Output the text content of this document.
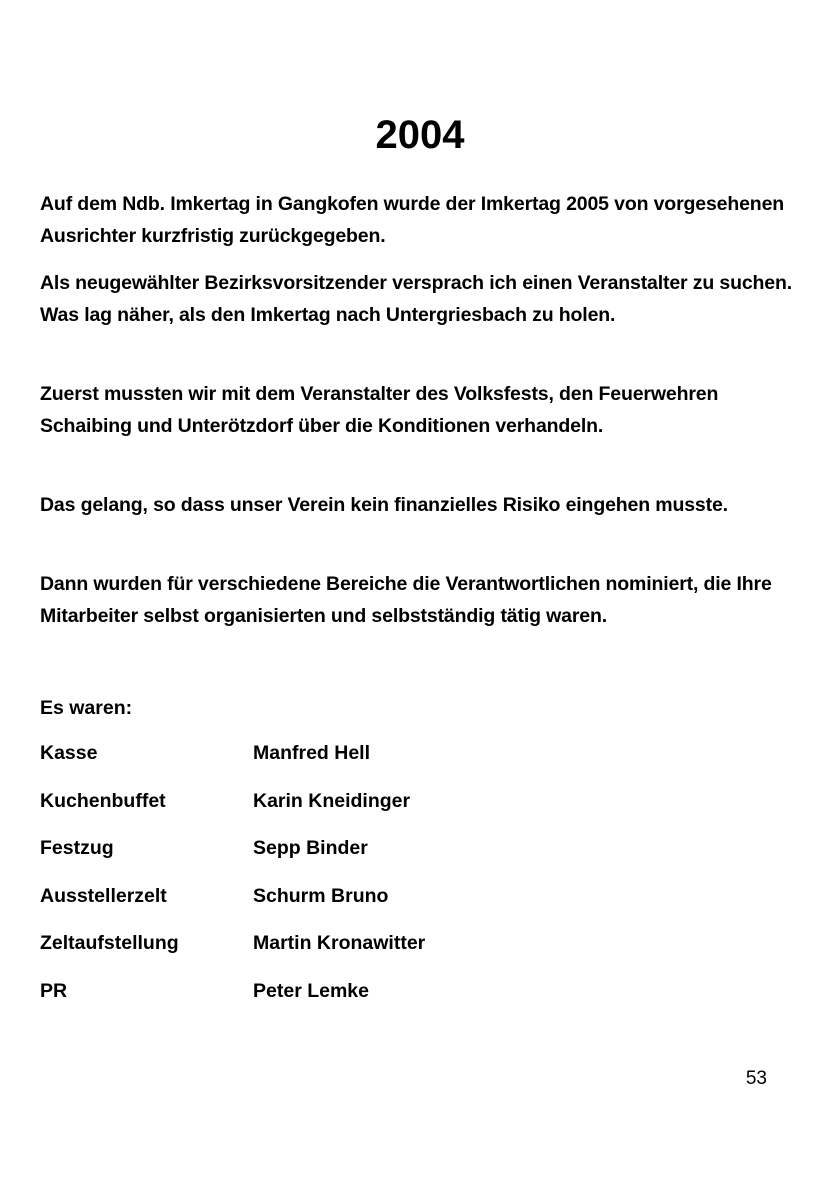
2004

Auf dem Ndb. Imkertag in Gangkofen wurde der Imkertag 2005 von vorgesehenen Ausrichter kurzfristig zurückgegeben.

Als neugewählter Bezirksvorsitzender versprach ich einen Veranstalter zu suchen. Was lag näher, als den Imkertag nach Untergriesbach zu holen.

Zuerst mussten wir mit dem Veranstalter des Volksfests, den Feuerwehren Schaibing und Unterötzdorf über die Konditionen verhandeln.

Das gelang, so dass unser Verein kein finanzielles Risiko eingehen musste.

Dann wurden für verschiedene Bereiche die Verantwortlichen nominiert, die Ihre Mitarbeiter selbst organisierten und selbstständig tätig waren.

Es waren:

Kasse	Manfred Hell
Kuchenbuffet	Karin Kneidinger
Festzug	Sepp Binder
Ausstellerzelt	Schurm Bruno
Zeltaufstellung	Martin Kronawitter
PR	Peter Lemke
53
